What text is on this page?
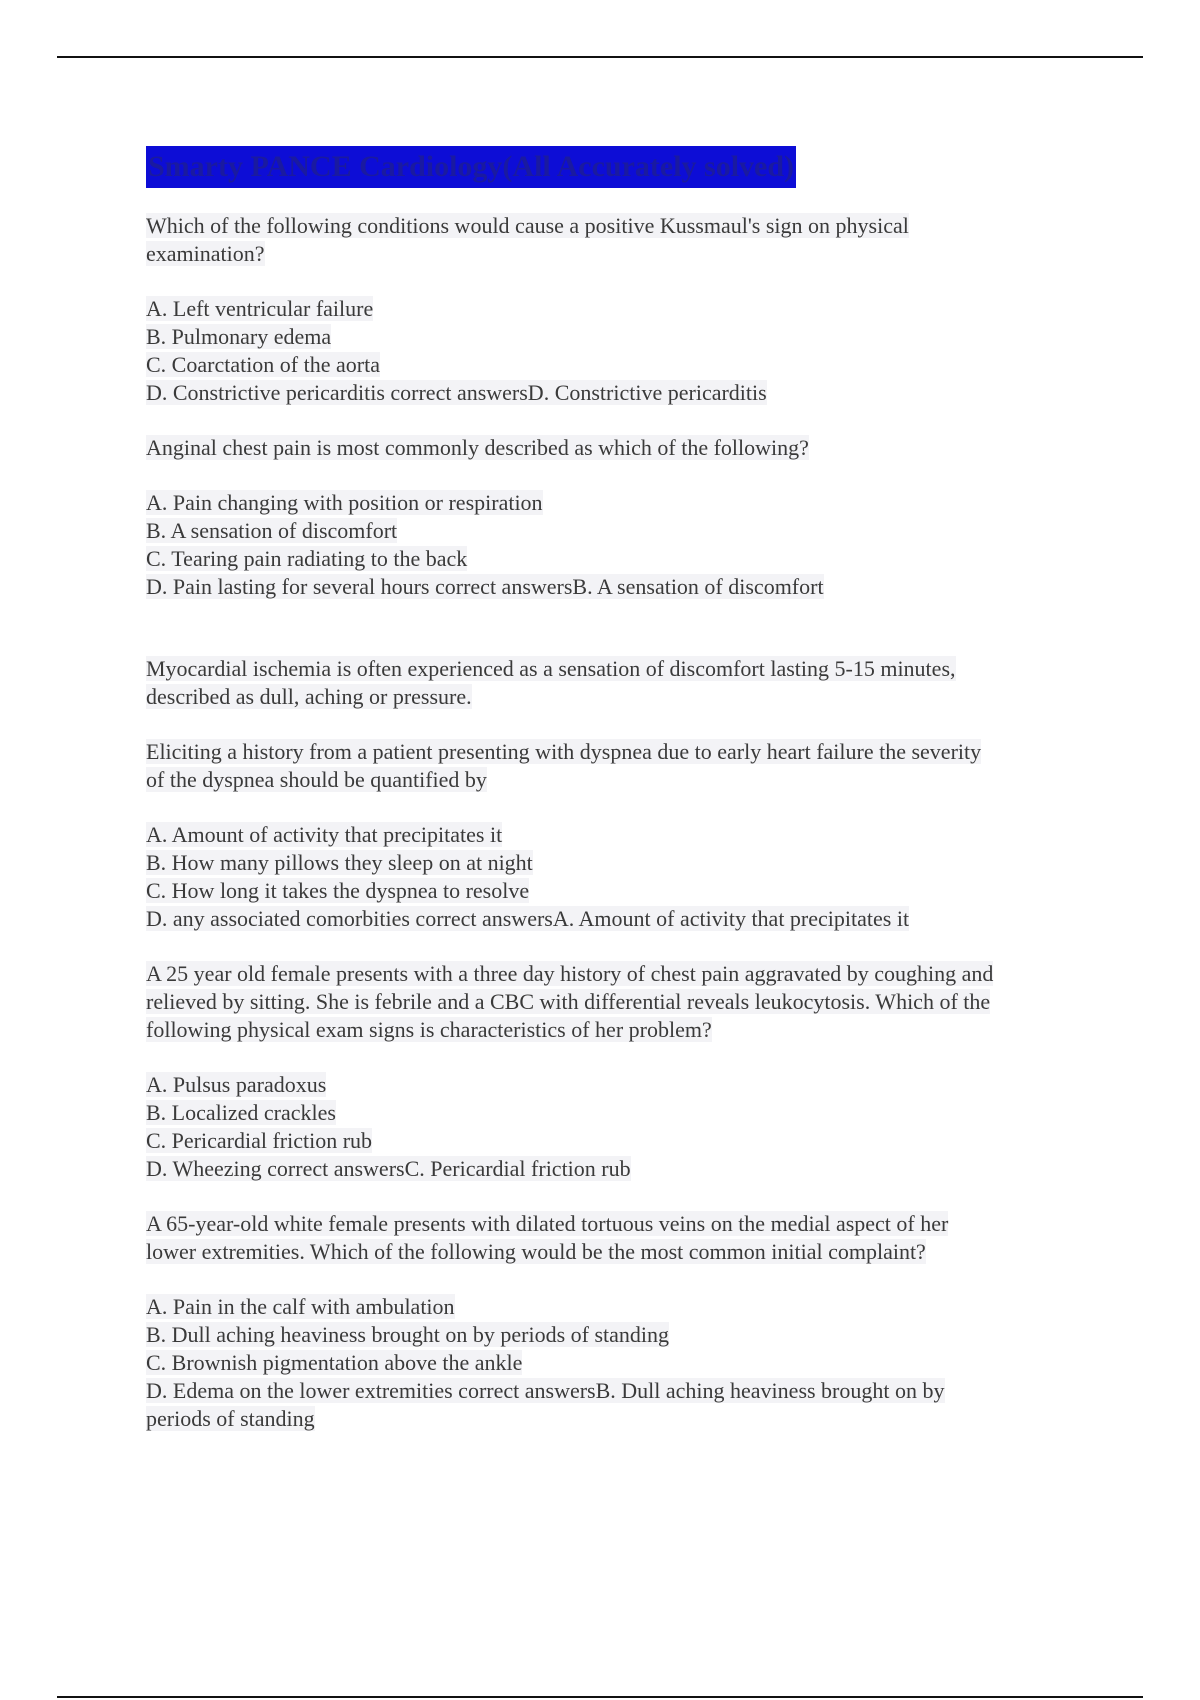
Smarty PANCE Cardiology(All Accurately solved)
Which of the following conditions would cause a positive Kussmaul's sign on physical
examination?
A. Left ventricular failure
B. Pulmonary edema
C. Coarctation of the aorta
D. Constrictive pericarditis correct answersD. Constrictive pericarditis
Anginal chest pain is most commonly described as which of the following?
A. Pain changing with position or respiration
B. A sensation of discomfort
C. Tearing pain radiating to the back
D. Pain lasting for several hours correct answersB. A sensation of discomfort
Myocardial ischemia is often experienced as a sensation of discomfort lasting 5-15 minutes,
described as dull, aching or pressure.
Eliciting a history from a patient presenting with dyspnea due to early heart failure the severity
of the dyspnea should be quantified by
A. Amount of activity that precipitates it
B. How many pillows they sleep on at night
C. How long it takes the dyspnea to resolve
D. any associated comorbities correct answersA. Amount of activity that precipitates it
A 25 year old female presents with a three day history of chest pain aggravated by coughing and
relieved by sitting. She is febrile and a CBC with differential reveals leukocytosis. Which of the
following physical exam signs is characteristics of her problem?
A. Pulsus paradoxus
B. Localized crackles
C. Pericardial friction rub
D. Wheezing correct answersC. Pericardial friction rub
A 65-year-old white female presents with dilated tortuous veins on the medial aspect of her
lower extremities. Which of the following would be the most common initial complaint?
A. Pain in the calf with ambulation
B. Dull aching heaviness brought on by periods of standing
C. Brownish pigmentation above the ankle
D. Edema on the lower extremities correct answersB. Dull aching heaviness brought on by
periods of standing
